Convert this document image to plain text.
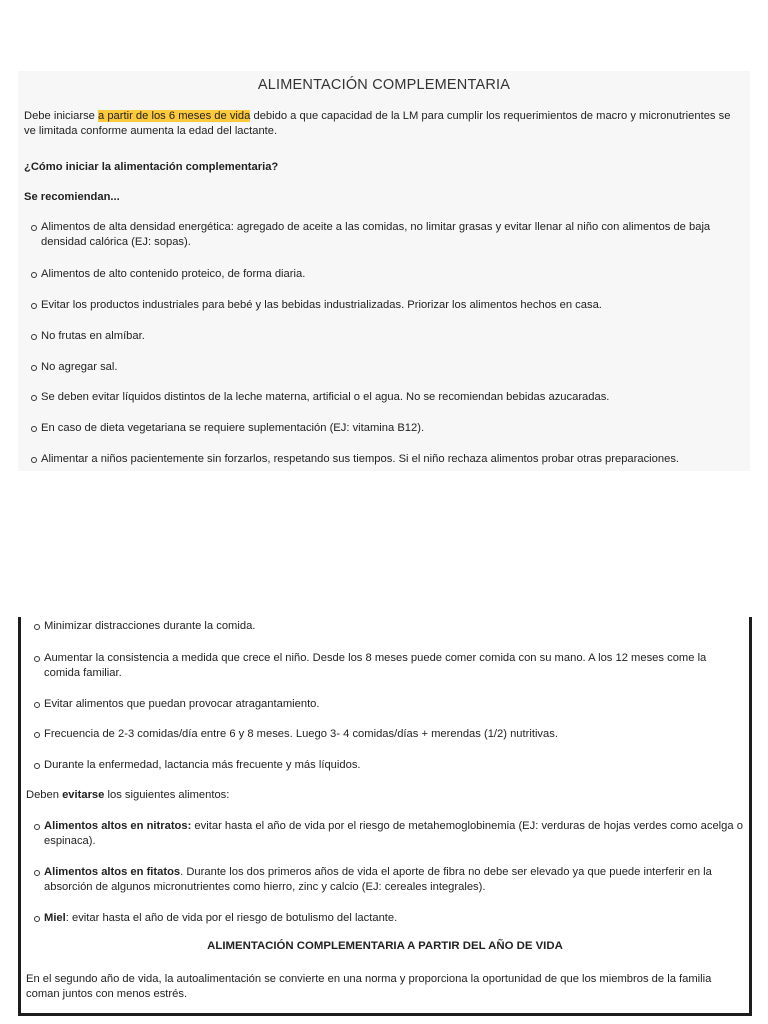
ALIMENTACIÓN COMPLEMENTARIA

Debe iniciarse a partir de los 6 meses de vida debido a que capacidad de la LM para cumplir los requerimientos de macro y micronutrientes se ve limitada conforme aumenta la edad del lactante.

¿Cómo iniciar la alimentación complementaria?
Se recomiendan...
Alimentos de alta densidad energética: agregado de aceite a las comidas, no limitar grasas y evitar llenar al niño con alimentos de baja densidad calórica (EJ: sopas).
Alimentos de alto contenido proteico, de forma diaria.
Evitar los productos industriales para bebé y las bebidas industrializadas. Priorizar los alimentos hechos en casa.
No frutas en almíbar.
No agregar sal.
Se deben evitar líquidos distintos de la leche materna, artificial o el agua. No se recomiendan bebidas azucaradas.
En caso de dieta vegetariana se requiere suplementación (EJ: vitamina B12).
Alimentar a niños pacientemente sin forzarlos, respetando sus tiempos. Si el niño rechaza alimentos probar otras preparaciones.
Minimizar distracciones durante la comida.
Aumentar la consistencia a medida que crece el niño. Desde los 8 meses puede comer comida con su mano. A los 12 meses come la comida familiar.
Evitar alimentos que puedan provocar atragantamiento.
Frecuencia de 2-3 comidas/día entre 6 y 8 meses. Luego 3- 4 comidas/días + merendas (1/2) nutritivas.
Durante la enfermedad, lactancia más frecuente y más líquidos.
Deben evitarse los siguientes alimentos:
Alimentos altos en nitratos: evitar hasta el año de vida por el riesgo de metahemoglobinemia (EJ: verduras de hojas verdes como acelga o espinaca).
Alimentos altos en fitatos. Durante los dos primeros años de vida el aporte de fibra no debe ser elevado ya que puede interferir en la absorción de algunos micronutrientes como hierro, zinc y calcio (EJ: cereales integrales).
Miel: evitar hasta el año de vida por el riesgo de botulismo del lactante.
ALIMENTACIÓN COMPLEMENTARIA A PARTIR DEL AÑO DE VIDA
En el segundo año de vida, la autoalimentación se convierte en una norma y proporciona la oportunidad de que los miembros de la familia coman juntos con menos estrés.
